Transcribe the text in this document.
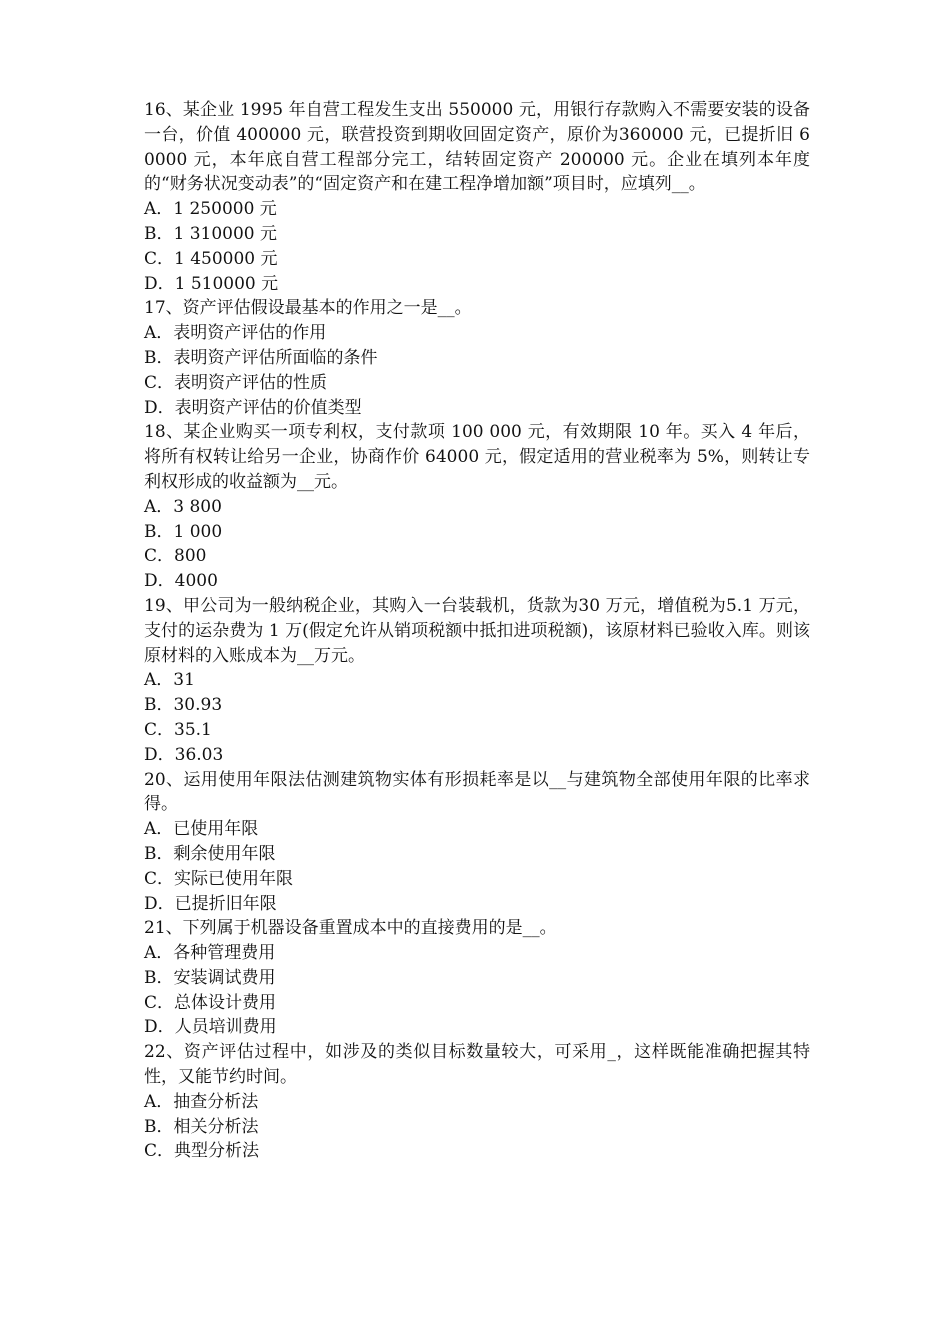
16、某企业 1995 年自营工程发生支出 550000 元，用银行存款购入不需要安装的设备一台，价值 400000 元，联营投资到期收回固定资产，原价为360000 元，已提折旧 60000 元，本年底自营工程部分完工，结转固定资产 200000 元。企业在填列本年度的“财务状况变动表”的“固定资产和在建工程净增加额”项目时，应填列__。
A．1 250000 元
B．1 310000 元
C．1 450000 元
D．1 510000 元
17、资产评估假设最基本的作用之一是__。
A．表明资产评估的作用
B．表明资产评估所面临的条件
C．表明资产评估的性质
D．表明资产评估的价值类型
18、某企业购买一项专利权，支付款项 100 000 元，有效期限 10 年。买入 4 年后，将所有权转让给另一企业，协商作价 64000 元，假定适用的营业税率为 5%，则转让专利权形成的收益额为__元。
A．3 800
B．1 000
C．800
D．4000
19、甲公司为一般纳税企业，其购入一台装载机，货款为30 万元，增值税为5.1 万元，支付的运杂费为 1 万(假定允许从销项税额中抵扣进项税额)，该原材料已验收入库。则该原材料的入账成本为__万元。
A．31
B．30.93
C．35.1
D．36.03
20、运用使用年限法估测建筑物实体有形损耗率是以__与建筑物全部使用年限的比率求得。
A．已使用年限
B．剩余使用年限
C．实际已使用年限
D．已提折旧年限
21、下列属于机器设备重置成本中的直接费用的是__。
A．各种管理费用
B．安装调试费用
C．总体设计费用
D．人员培训费用
22、资产评估过程中，如涉及的类似目标数量较大，可采用_，这样既能准确把握其特性，又能节约时间。
A．抽查分析法
B．相关分析法
C．典型分析法
